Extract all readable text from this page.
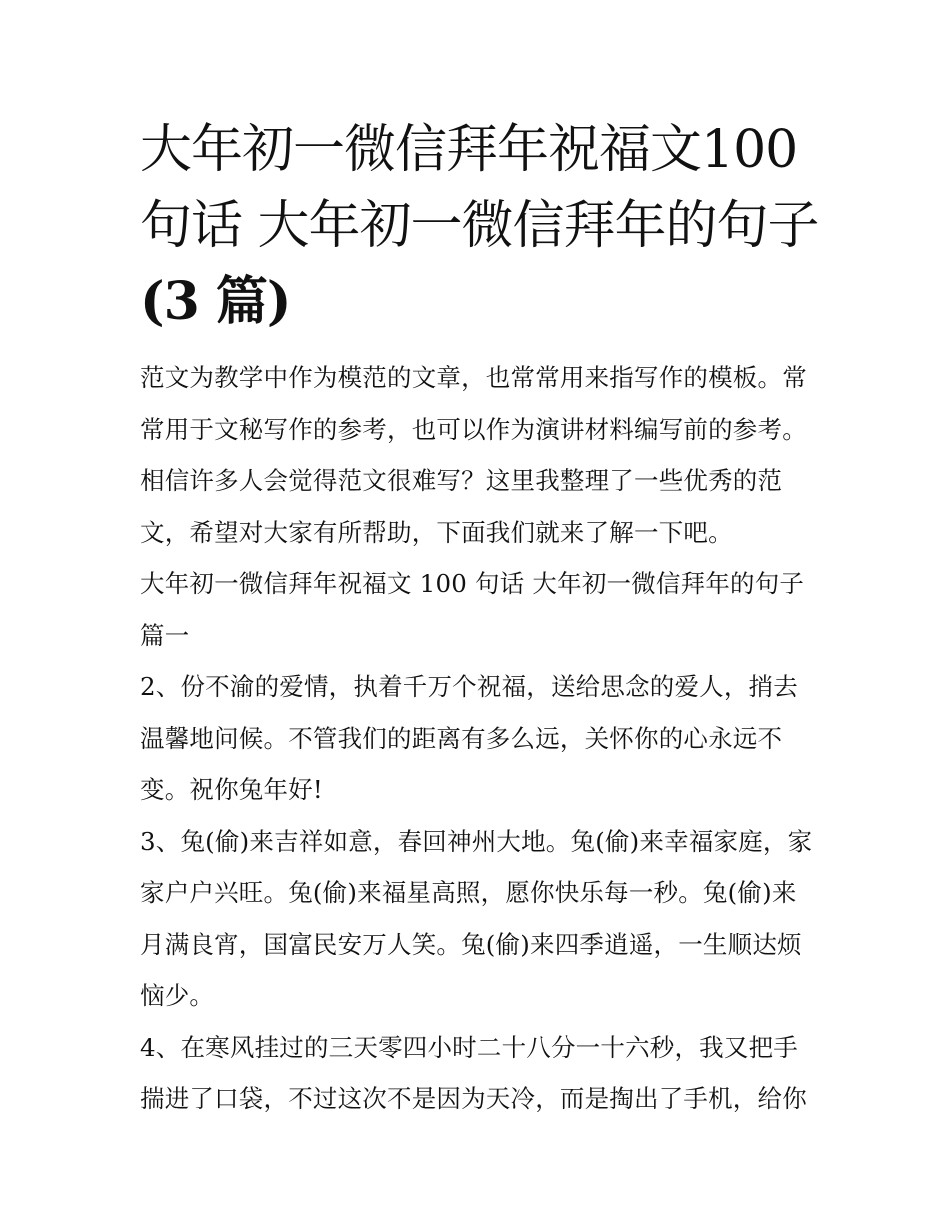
大年初一微信拜年祝福文100
句话 大年初一微信拜年的句子
(3 篇)

范文为教学中作为模范的文章，也常常用来指写作的模板。常

常用于文秘写作的参考，也可以作为演讲材料编写前的参考。

相信许多人会觉得范文很难写？这里我整理了一些优秀的范

文，希望对大家有所帮助，下面我们就来了解一下吧。

大年初一微信拜年祝福文 100 句话 大年初一微信拜年的句子

篇一

2、份不渝的爱情，执着千万个祝福，送给思念的爱人，捎去

温馨地问候。不管我们的距离有多么远，关怀你的心永远不

变。祝你兔年好!

3、兔(偷)来吉祥如意，春回神州大地。兔(偷)来幸福家庭，家

家户户兴旺。兔(偷)来福星高照，愿你快乐每一秒。兔(偷)来

月满良宵，国富民安万人笑。兔(偷)来四季逍遥，一生顺达烦

恼少。

4、在寒风挂过的三天零四小时二十八分一十六秒，我又把手

揣进了口袋，不过这次不是因为天冷，而是掏出了手机，给你
